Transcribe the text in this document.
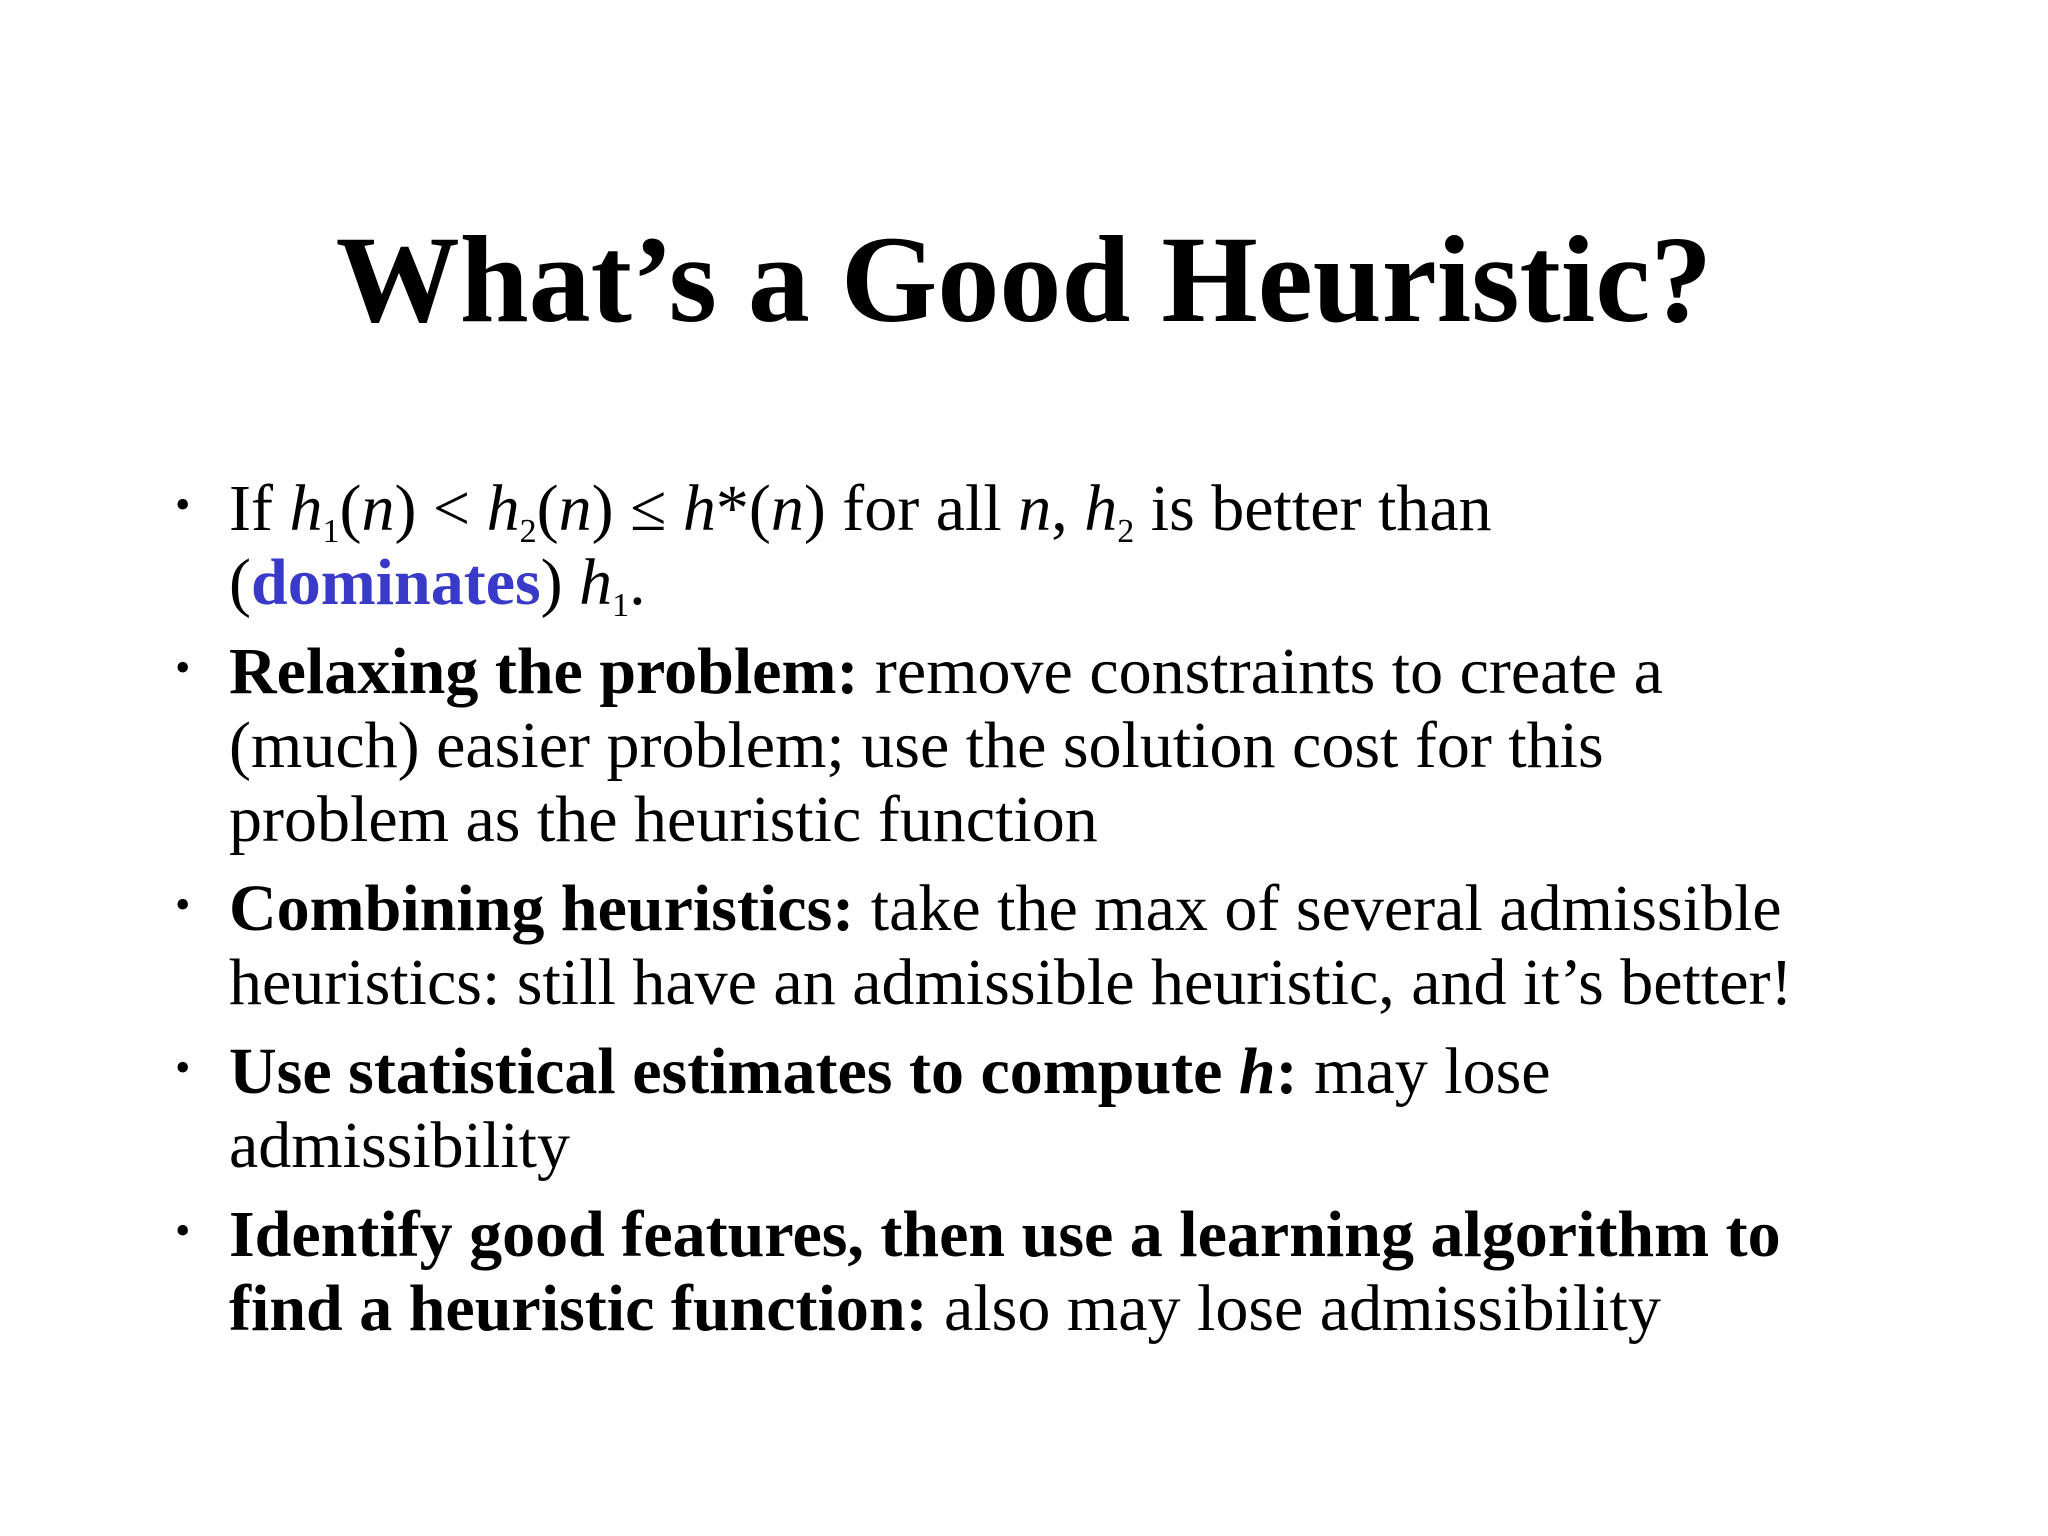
What’s a Good Heuristic?
• If $h_1(n) < h_2(n) \le h*(n)$ for all n, $h_2$ is better than
(dominates) $h_1$.
• Relaxing the problem: remove constraints to create a
(much) easier problem; use the solution cost for this
problem as the heuristic function
• Combining heuristics: take the max of several admissible
heuristics: still have an admissible heuristic, and it’s better!
• Use statistical estimates to compute h: may lose
admissibility
• Identify good features, then use a learning algorithm to
find a heuristic function: also may lose admissibility
